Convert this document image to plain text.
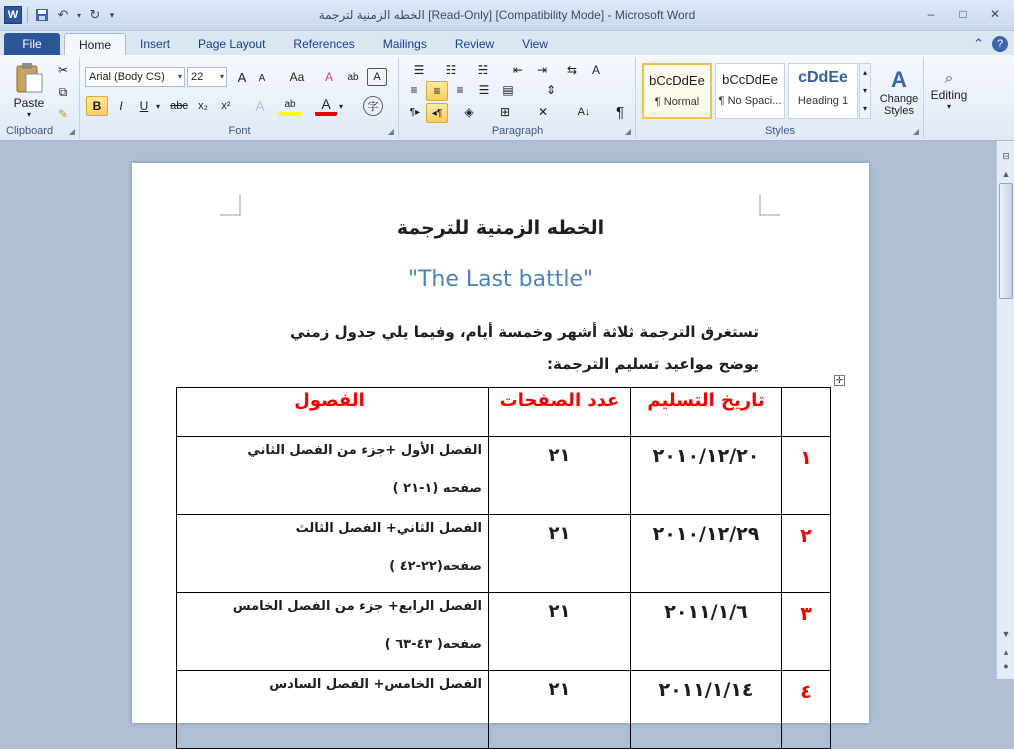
W	↶	▾ ↻	▾	الخطه الزمنية لترجمة [Read-Only] [Compatibility Mode] - Microsoft Word	–	□	✕
File	Home	Insert	Page Layout	References	Mailings	Review	View	⌃	?
Paste
▾
✂
⧉
✎
Clipboard	◢
Arial (Body CS) ▾ 22 ▾	A	A	Aa	A	ab	A
B	I	U ▾ abc x₂	x²	A	ab	A	▾	字
Font	◢
☰	☷	☵	⇤	⇥	⇆	A
≡	≡	≡	☰	▤	⇕
¶▸	◂¶	◈	⊞	✕	A↓	¶
Paragraph	◢
bCcDdEe
¶ Normal
bCcDdEe
¶ No Spaci...
cDdEe
Heading 1
▴
▾
▾
A
Change Styles
Styles	◢
⌕
Editing
▾
الخطه الزمنية للترجمة
"The Last battle"
تستغرق الترجمة ثلاثة أشهر وخمسة أيام، وفيما يلي جدول زمني
يوضح مواعيد تسليم الترجمة:
✛
	تاريخ التسليم	عدد الصفحات	الفصول
١	٢٠١٠/١٢/٢٠	٢١	الفصل الأول +جزء من الفصل الثاني
صفحه (١-٢١ )

٢	٢٠١٠/١٢/٢٩	٢١	الفصل الثاني+ الفصل الثالث
صفحه(٢٢-٤٢ )

٣	٢٠١١/١/٦	٢١	الفصل الرابع+ جزء من الفصل الخامس
صفحه( ٤٣-٦٣ )

٤	٢٠١١/١/١٤	٢١	الفصل الخامس+ الفصل السادس
⊟
▲
▼
▴
●
